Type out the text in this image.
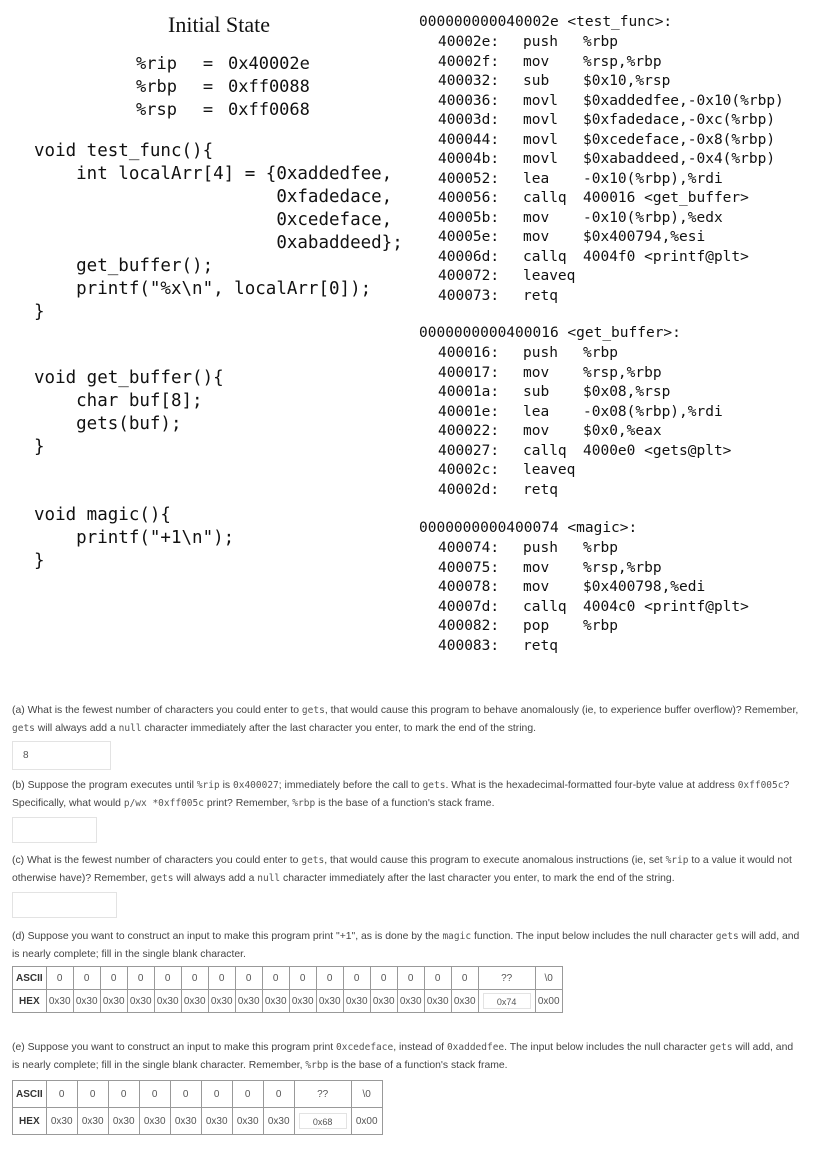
Initial State
%rip = 0x40002e
%rbp = 0xff0088
%rsp = 0xff0068
void test_func(){
int localArr[4] = {0xaddedfee,
0xfadedace,
0xcedeface,
0xabaddeed};
get_buffer();
printf("%x\n", localArr[0]);
}
void get_buffer(){
char buf[8];
gets(buf);
}
void magic(){
printf("+1\n");
}
000000000040002e <test_func>:
40002e: push %rbp
40002f: mov %rsp,%rbp
400032: sub $0x10,%rsp
400036: movl $0xaddedfee,-0x10(%rbp)
40003d: movl $0xfadedace,-0xc(%rbp)
400044: movl $0xcedeface,-0x8(%rbp)
40004b: movl $0xabaddeed,-0x4(%rbp)
400052: lea -0x10(%rbp),%rdi
400056: callq 400016 <get_buffer>
40005b: mov -0x10(%rbp),%edx
40005e: mov $0x400794,%esi
40006d: callq 4004f0 <printf@plt>
400072: leaveq
400073: retq
0000000000400016 <get_buffer>:
400016: push %rbp
400017: mov %rsp,%rbp
40001a: sub $0x08,%rsp
40001e: lea -0x08(%rbp),%rdi
400022: mov $0x0,%eax
400027: callq 4000e0 <gets@plt>
40002c: leaveq
40002d: retq
0000000000400074 <magic>:
400074: push %rbp
400075: mov %rsp,%rbp
400078: mov $0x400798,%edi
40007d: callq 4004c0 <printf@plt>
400082: pop %rbp
400083: retq
(a) What is the fewest number of characters you could enter to gets, that would cause this program to behave anomalously (ie, to experience buffer overflow)? Remember, gets will always add a null character immediately after the last character you enter, to mark the end of the string.
8
(b) Suppose the program executes until %rip is 0x400027; immediately before the call to gets. What is the hexadecimal-formatted four-byte value at address 0xff005c? Specifically, what would p/wx *0xff005c print? Remember, %rbp is the base of a function's stack frame.
(c) What is the fewest number of characters you could enter to gets, that would cause this program to execute anomalous instructions (ie, set %rip to a value it would not otherwise have)? Remember, gets will always add a null character immediately after the last character you enter, to mark the end of the string.
(d) Suppose you want to construct an input to make this program print "+1", as is done by the magic function. The input below includes the null character gets will add, and is nearly complete; fill in the single blank character.
ASCII	0	0	0	0	0	0	0	0	0	0	0	0	0	0	0	0	??	\0
HEX	0x30	0x30	0x30	0x30	0x30	0x30	0x30	0x30	0x30	0x30	0x30	0x30	0x30	0x30	0x30	0x30	0x74	0x00
(e) Suppose you want to construct an input to make this program print 0xcedeface, instead of 0xaddedfee. The input below includes the null character gets will add, and is nearly complete; fill in the single blank character. Remember, %rbp is the base of a function's stack frame.
ASCII	0	0	0	0	0	0	0	0	??	\0
HEX	0x30	0x30	0x30	0x30	0x30	0x30	0x30	0x30	0x68	0x00
